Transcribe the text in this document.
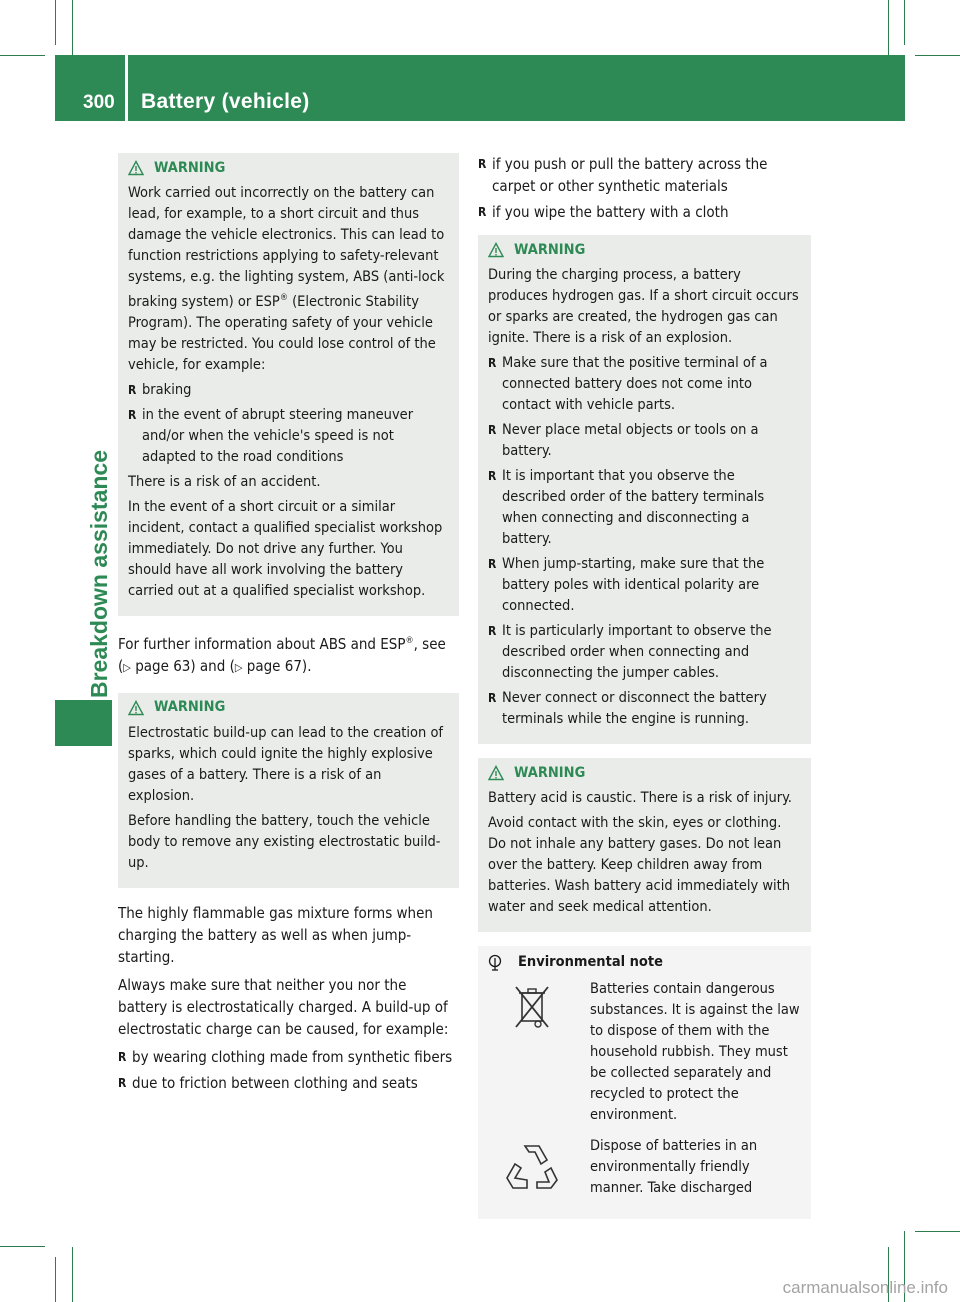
300 Battery (vehicle)
Breakdown assistance
WARNING

Work carried out incorrectly on the battery can lead, for example, to a short circuit and thus damage the vehicle electronics. This can lead to function restrictions applying to safety-relevant systems, e.g. the lighting system, ABS (anti-lock braking system) or ESP® (Electronic Stability Program). The operating safety of your vehicle may be restricted. You could lose control of the vehicle, for example:

R braking
R in the event of abrupt steering maneuver and/or when the vehicle's speed is not adapted to the road conditions

There is a risk of an accident.

In the event of a short circuit or a similar incident, contact a qualified specialist workshop immediately. Do not drive any further. You should have all work involving the battery carried out at a qualified specialist workshop.

For further information about ABS and ESP®, see (▷ page 63) and (▷ page 67).

WARNING

Electrostatic build-up can lead to the creation of sparks, which could ignite the highly explosive gases of a battery. There is a risk of an explosion.

Before handling the battery, touch the vehicle body to remove any existing electrostatic build-up.

The highly flammable gas mixture forms when charging the battery as well as when jump-starting.

Always make sure that neither you nor the battery is electrostatically charged. A build-up of electrostatic charge can be caused, for example:

R by wearing clothing made from synthetic fibers
R due to friction between clothing and seats
R if you push or pull the battery across the carpet or other synthetic materials
R if you wipe the battery with a cloth
WARNING

During the charging process, a battery produces hydrogen gas. If a short circuit occurs or sparks are created, the hydrogen gas can ignite. There is a risk of an explosion.

R Make sure that the positive terminal of a connected battery does not come into contact with vehicle parts.
R Never place metal objects or tools on a battery.
R It is important that you observe the described order of the battery terminals when connecting and disconnecting a battery.
R When jump-starting, make sure that the battery poles with identical polarity are connected.
R It is particularly important to observe the described order when connecting and disconnecting the jumper cables.
R Never connect or disconnect the battery terminals while the engine is running.
WARNING

Battery acid is caustic. There is a risk of injury.

Avoid contact with the skin, eyes or clothing. Do not inhale any battery gases. Do not lean over the battery. Keep children away from batteries. Wash battery acid immediately with water and seek medical attention.

Environmental note
Batteries contain dangerous substances. It is against the law to dispose of them with the household rubbish. They must be collected separately and recycled to protect the environment.
Dispose of batteries in an environmentally friendly manner. Take discharged
carmanualsonline.info
